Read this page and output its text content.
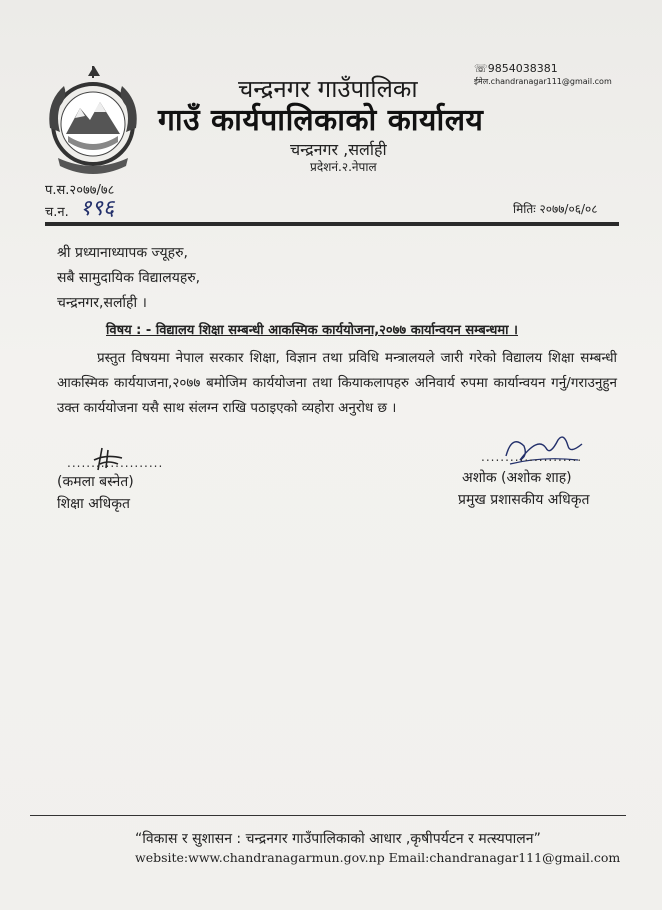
चन्द्रनगर गाउँपालिका
गाउँ कार्यपालिकाको कार्यालय
चन्द्रनगर ,सर्लाही
प्रदेशनं.२.नेपाल
☏9854038381
ईमेल.chandranagar111@gmail.com
प.स.२०७७/७८
च.न. १९६	मितिः २०७७/०६/०८
श्री प्रध्यानाध्यापक ज्यूहरु,
सबै सामुदायिक विद्यालयहरु,
चन्द्रनगर,सर्लाही ।
विषय : - विद्यालय शिक्षा सम्बन्धी आकस्मिक कार्ययोजना,२०७७ कार्यान्वयन सम्बन्धमा ।
प्रस्तुत विषयमा नेपाल सरकार शिक्षा, विज्ञान तथा प्रविधि मन्त्रालयले जारी गरेको विद्यालय शिक्षा सम्बन्धी आकस्मिक कार्ययाजना,२०७७ बमोजिम कार्ययोजना तथा कियाकलापहरु अनिवार्य रुपमा कार्यान्वयन गर्नु/गराउनुहुन उक्त कार्ययोजना यसै साथ संलग्न राखि पठाइएको व्यहोरा अनुरोध छ ।
....................
(कमला बस्नेत)
शिक्षा अधिकृत
.....................
अशोक (अशोक शाह)
प्रमुख प्रशासकीय अधिकृत
“विकास र सुशासन : चन्द्रनगर गाउँपालिकाको आधार ,कृषीपर्यटन र मत्स्यपालन”
website:www.chandranagarmun.gov.np Email:chandranagar111@gmail.com
